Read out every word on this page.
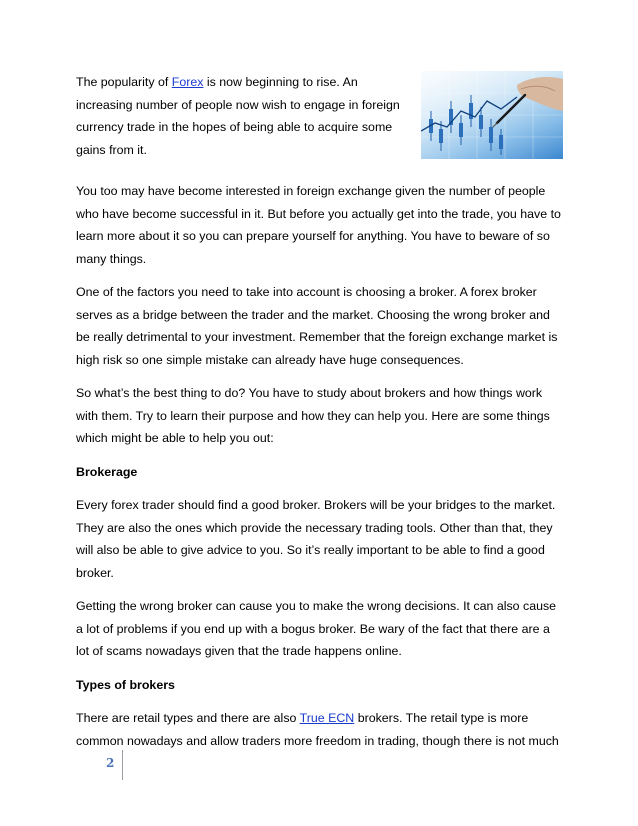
The popularity of Forex is now beginning to rise. An increasing number of people now wish to engage in foreign currency trade in the hopes of being able to acquire some gains from it.

You too may have become interested in foreign exchange given the number of people who have become successful in it. But before you actually get into the trade, you have to learn more about it so you can prepare yourself for anything. You have to beware of so many things.

One of the factors you need to take into account is choosing a broker. A forex broker serves as a bridge between the trader and the market. Choosing the wrong broker and be really detrimental to your investment. Remember that the foreign exchange market is high risk so one simple mistake can already have huge consequences.

So what’s the best thing to do? You have to study about brokers and how things work with them. Try to learn their purpose and how they can help you. Here are some things which might be able to help you out:

Brokerage

Every forex trader should find a good broker. Brokers will be your bridges to the market. They are also the ones which provide the necessary trading tools. Other than that, they will also be able to give advice to you. So it’s really important to be able to find a good broker.

Getting the wrong broker can cause you to make the wrong decisions. It can also cause a lot of problems if you end up with a bogus broker. Be wary of the fact that there are a lot of scams nowadays given that the trade happens online.

Types of brokers

There are retail types and there are also True ECN brokers. The retail type is more common nowadays and allow traders more freedom in trading, though there is not much

2
